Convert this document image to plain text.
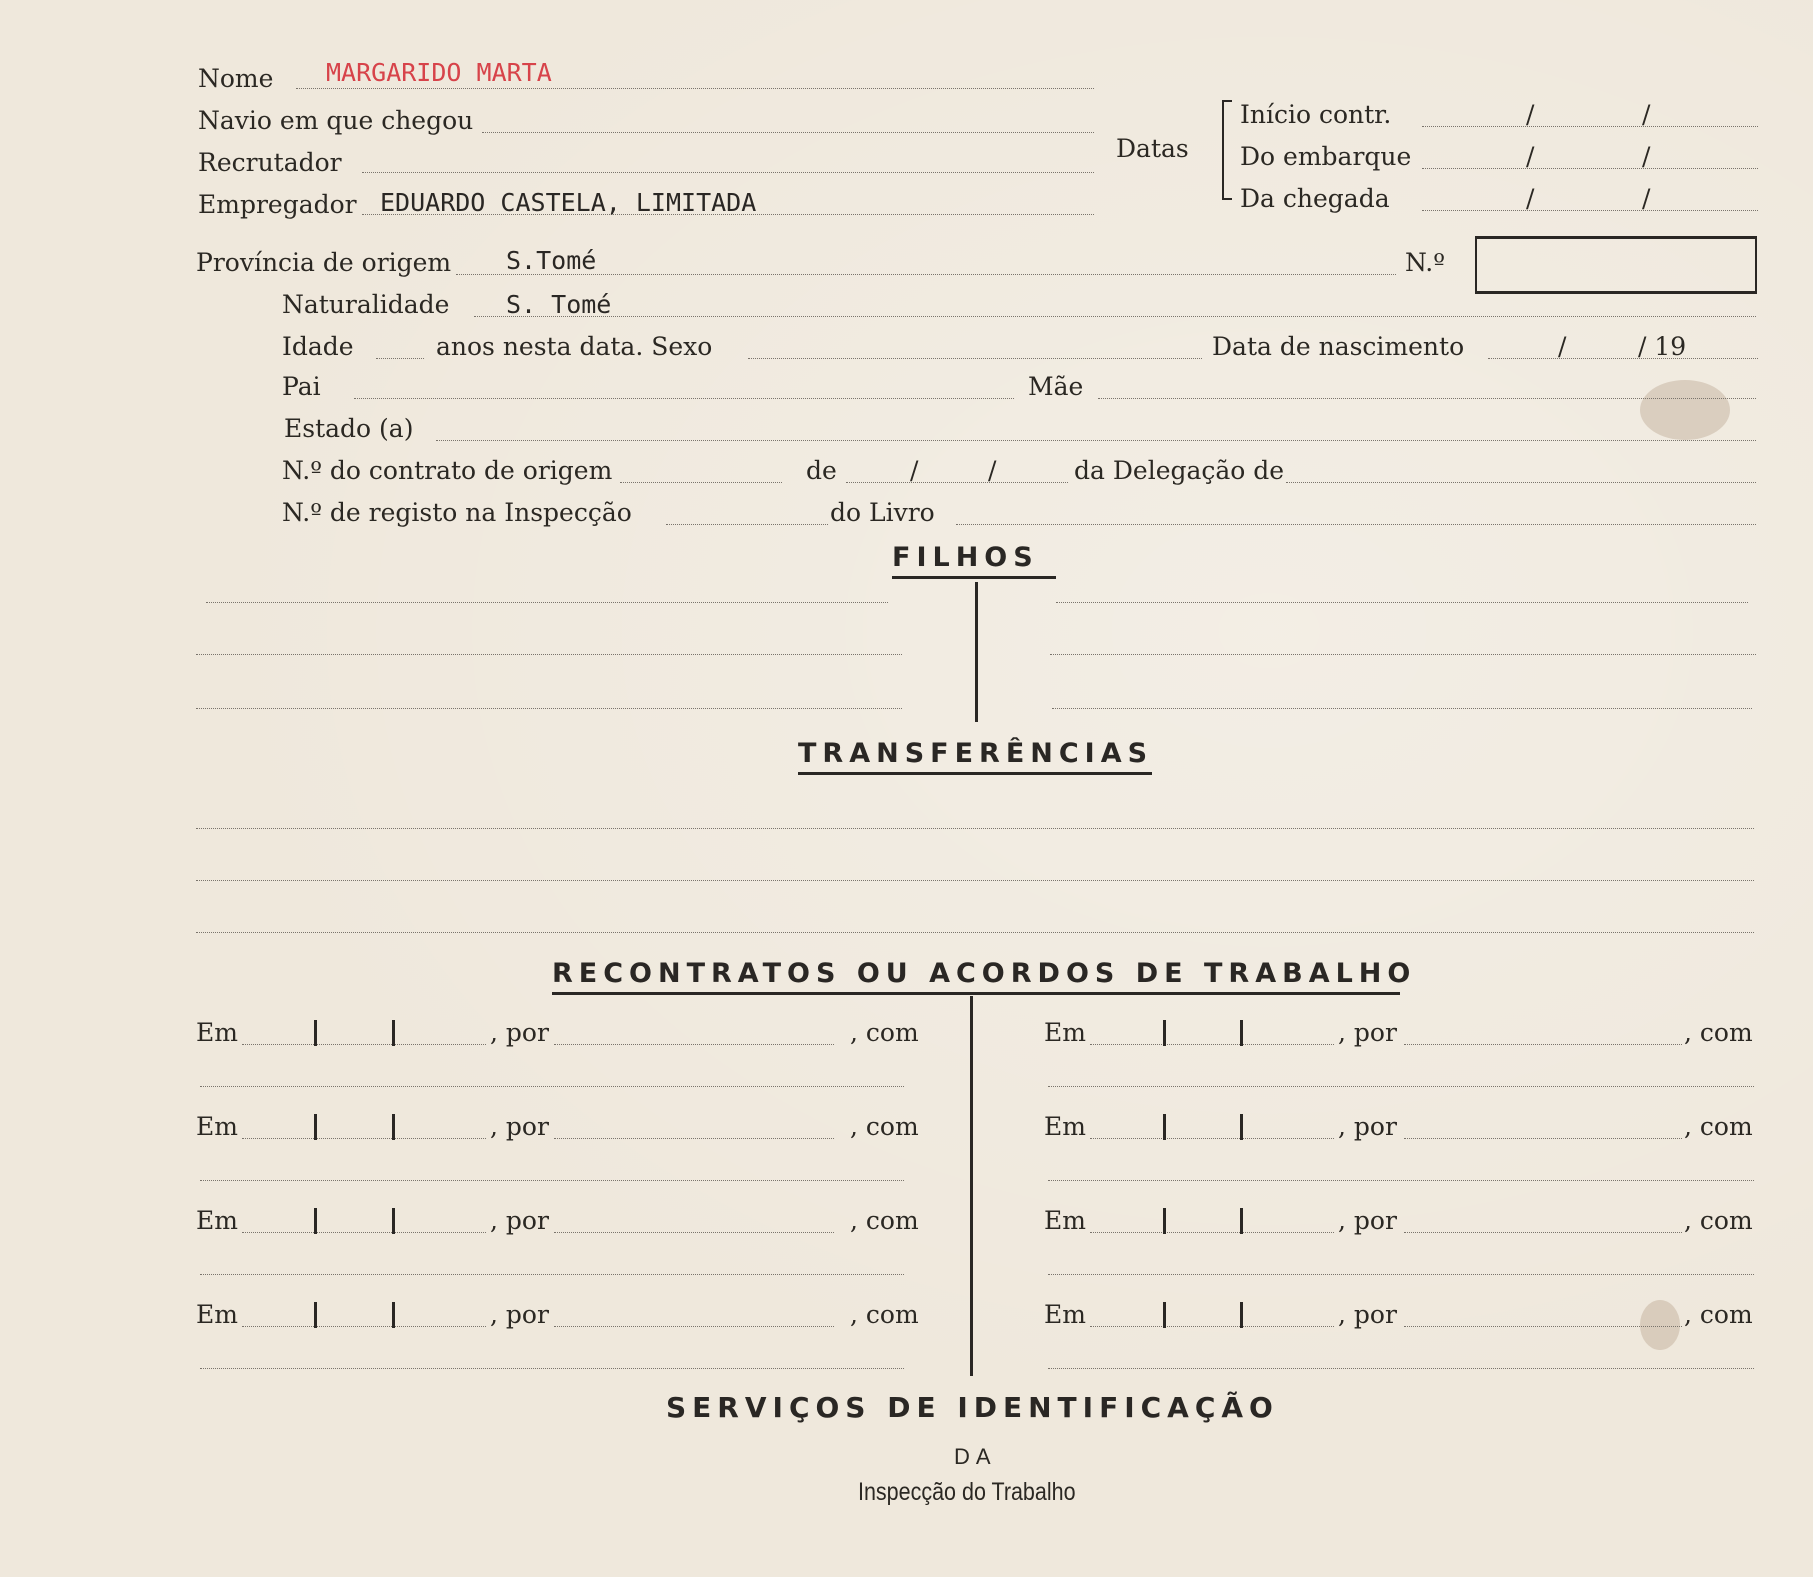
Nome MARGARIDO MARTA
Navio em que chegou
Recrutador
Empregador EDUARDO CASTELA, LIMITADA
Datas
Início contr.	/	/
Do embarque	/	/
Da chegada	/	/
Província de origem S.Tomé	N.º
Naturalidade S. Tomé
Idade	anos nesta data. Sexo	Data de nascimento	/	/ 19
Pai	Mãe
Estado (a)
N.º do contrato de origem	de	/	/	da Delegação de
N.º de registo na Inspecção	do Livro
FILHOS
TRANSFERÊNCIAS
RECONTRATOS OU ACORDOS DE TRABALHO
Em	, por	, com	Em	, por	, com
Em	, por	, com	Em	, por	, com
Em	, por	, com	Em	, por	, com
Em	, por	, com	Em	, por	, com
SERVIÇOS DE IDENTIFICAÇÃO
DA
Inspecção do Trabalho
